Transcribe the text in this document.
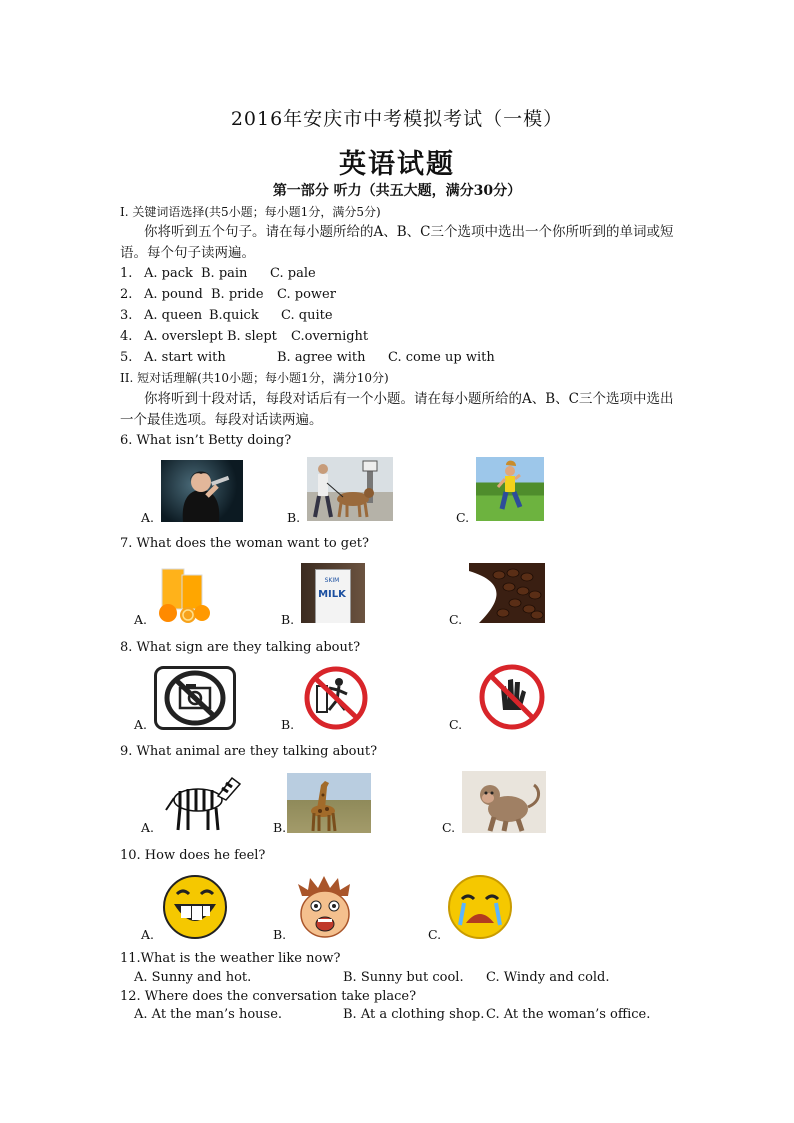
2016年安庆市中考模拟考试（一模）
英语试题
第一部分 听力（共五大题，满分30分）
I. 关键词语选择(共5小题；每小题1分，满分5分)
你将听到五个句子。请在每小题所给的A、B、C三个选项中选出一个你所听到的单词或短语。每个句子读两遍。
1. A. pack B. pain C. pale
2. A. pound B. pride C. power
3. A. queen B.quick C. quite
4. A. overslept B. slept C.overnight
5. A. start with	B. agree with C. come up with
II. 短对话理解(共10小题；每小题1分，满分10分)
你将听到十段对话，每段对话后有一个小题。请在每小题所给的A、B、C三个选项中选出一个最佳选项。每段对话读两遍。
6. What isn’t Betty doing?
A.	B.	C.
7. What does the woman want to get?
A.	B.
SKIM
MILK
C.
8. What sign are they talking about?
A.	B.	C.
9. What animal are they talking about?
A.	B.	C.
10. How does he feel?
A.	B.	C.
11.What is the weather like now?
A. Sunny and hot.	B. Sunny but cool. C. Windy and cold.
12. Where does the conversation take place?
A. At the man’s house.	B. At a clothing shop. C. At the woman’s office.
